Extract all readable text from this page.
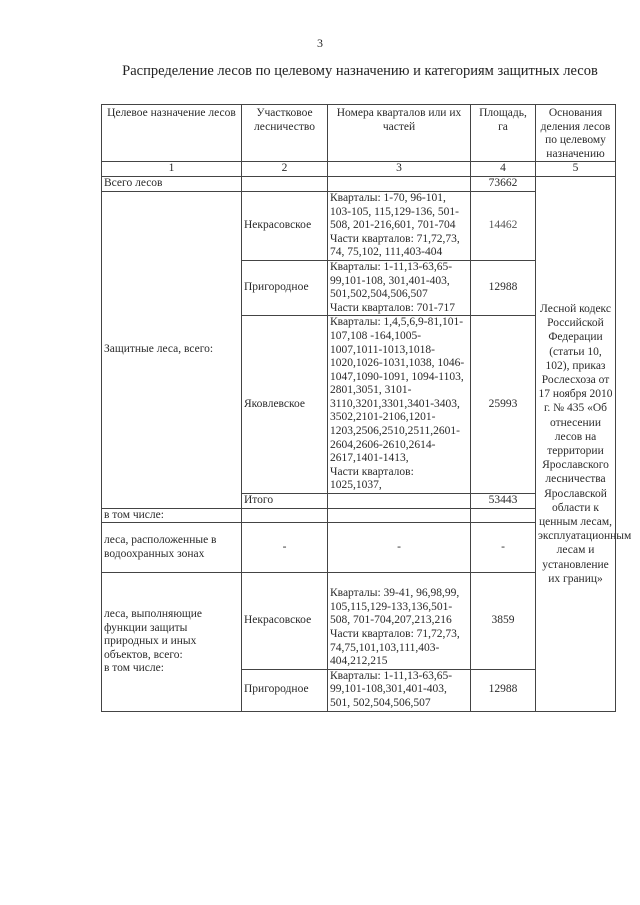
3
Распределение лесов по целевому назначению и категориям защитных лесов
Целевое назначение лесов	Участковое лесничество	Номера кварталов или их частей	Площадь, га	Основания деления лесов по целевому назначению
1	2	3	4	5
Всего лесов			73662	Лесной кодекс Российской Федерации (статьи 10, 102), приказ Рослесхоза от 17 ноября 2010 г. № 435 «Об отнесении лесов на территории Ярославского лесничества Ярославской области к ценным лесам, эксплуатационным лесам и установление их границ»
Защитные леса, всего:	Некрасовское	Кварталы: 1-70, 96-101, 103-105, 115,129-136, 501-508, 201-216,601, 701-704
Части кварталов: 71,72,73, 74, 75,102, 111,403-404	14462	
	Пригородное	Кварталы: 1-11,13-63,65-99,101-108, 301,401-403, 501,502,504,506,507
Части кварталов: 701-717	12988	
	Яковлевское	Кварталы: 1,4,5,6,9-81,101-107,108 -164,1005-1007,1011-1013,1018-1020,1026-1031,1038, 1046-1047,1090-1091, 1094-1103, 2801,3051, 3101-3110,3201,3301,3401-3403, 3502,2101-2106,1201-1203,2506,2510,2511,2601-2604,2606-2610,2614-2617,1401-1413,
Части кварталов: 1025,1037,	25993	
	Итого		53443	
в том числе:				
леса, расположенные в водоохранных зонах	-	-	-	
леса, выполняющие функции защиты природных и иных объектов, всего:
в том числе:	Некрасовское	Кварталы: 39-41, 96,98,99, 105,115,129-133,136,501-508, 701-704,207,213,216
Части кварталов: 71,72,73, 74,75,101,103,111,403-404,212,215	3859	
	Пригородное	Кварталы: 1-11,13-63,65-99,101-108,301,401-403, 501, 502,504,506,507	12988	
